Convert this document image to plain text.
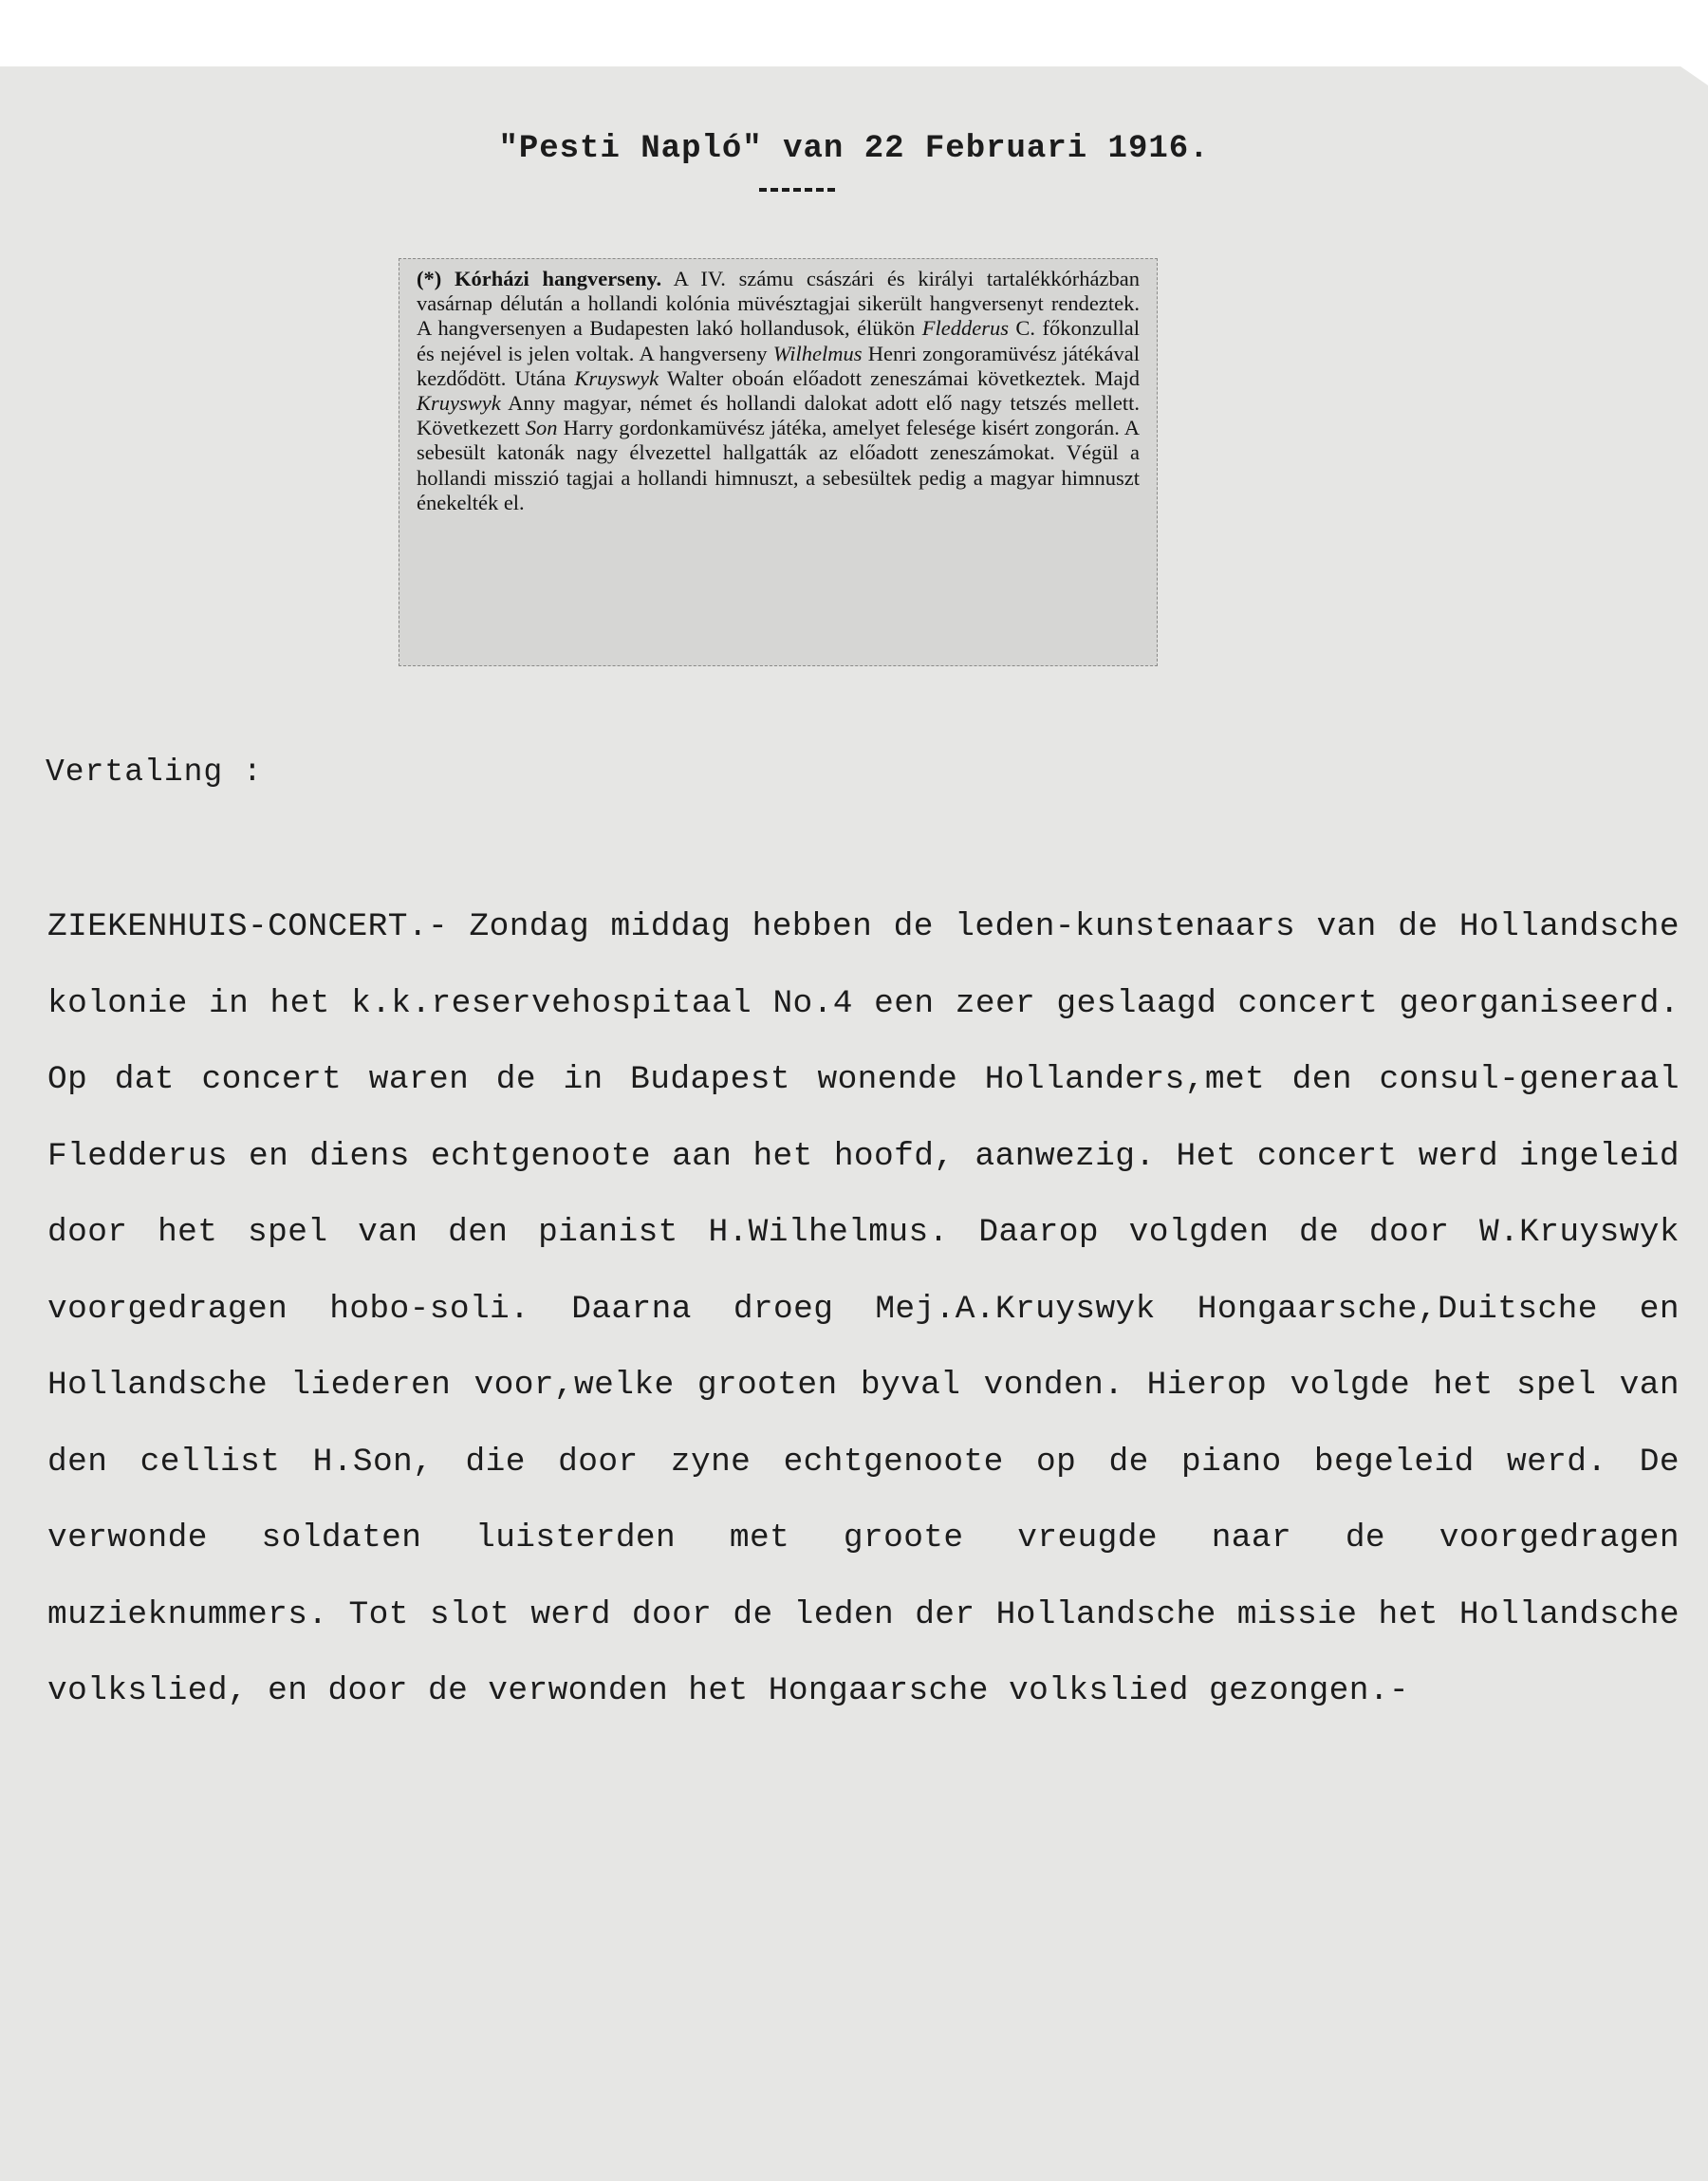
"Pesti Napló" van 22 Februari 1916.
(*) Kórházi hangverseny. A IV. számu császári és királyi tartalékkórházban vasárnap délután a hollandi kolónia müvésztagjai sikerült hangversenyt rendeztek. A hangversenyen a Budapesten lakó hollandusok, élükön Fledderus C. főkonzullal és nejével is jelen voltak. A hangverseny Wilhelmus Henri zongoramüvész játékával kezdődött. Utána Kruyswyk Walter oboán előadott zeneszámai következtek. Majd Kruyswyk Anny magyar, német és hollandi dalokat adott elő nagy tetszés mellett. Következett Son Harry gordonkamüvész játéka, amelyet felesége kisért zongorán. A sebesült katonák nagy élvezettel hallgatták az előadott zeneszámokat. Végül a hollandi misszió tagjai a hollandi himnuszt, a sebesültek pedig a magyar himnuszt énekelték el.
Vertaling :
ZIEKENHUIS-CONCERT.- Zondag middag hebben de leden-kunstenaars van de Hollandsche kolonie in het k.k.reservehospitaal No.4 een zeer geslaagd concert georganiseerd. Op dat concert waren de in Budapest wonende Hollanders,met den consul-generaal Fledderus en diens echtgenoote aan het hoofd, aanwezig. Het concert werd ingeleid door het spel van den pianist H.Wilhelmus. Daarop volgden de door W.Kruyswyk voorgedragen hobo-soli. Daarna droeg Mej.A.Kruyswyk Hongaarsche,Duitsche en Hollandsche liederen voor,welke grooten byval vonden. Hierop volgde het spel van den cellist H.Son, die door zyne echtgenoote op de piano begeleid werd. De verwonde soldaten luisterden met groote vreugde naar de voorgedragen muzieknummers. Tot slot werd door de leden der Hollandsche missie het Hollandsche volkslied, en door de verwonden het Hongaarsche volkslied gezongen.-
